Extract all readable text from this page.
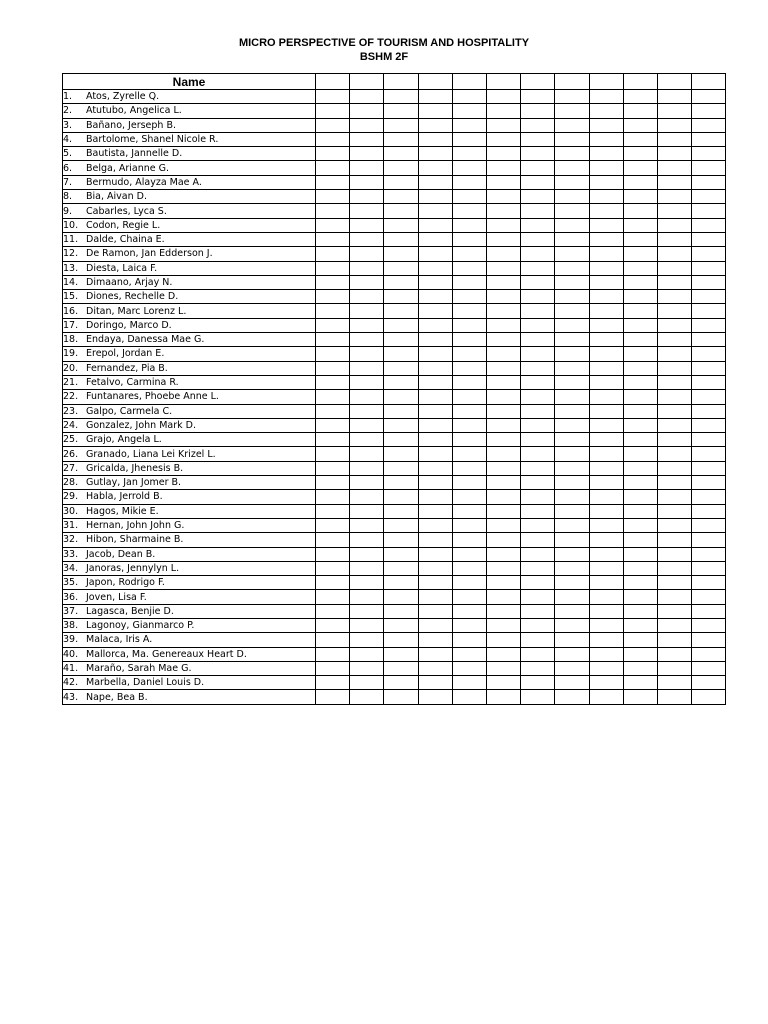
MICRO PERSPECTIVE OF TOURISM AND HOSPITALITY
BSHM 2F
Name												
1. Atos, Zyrelle Q.												
2. Atutubo, Angelica L.												
3. Bañano, Jerseph B.												
4. Bartolome, Shanel Nicole R.												
5. Bautista, Jannelle D.												
6. Belga, Arianne G.												
7. Bermudo, Alayza Mae A.												
8. Bia, Aivan D.												
9. Cabarles, Lyca S.												
10. Codon, Regie L.												
11. Dalde, Chaina E.												
12. De Ramon, Jan Edderson J.												
13. Diesta, Laica F.												
14. Dimaano, Arjay N.												
15. Diones, Rechelle D.												
16. Ditan, Marc Lorenz L.												
17. Doringo, Marco D.												
18. Endaya, Danessa Mae G.												
19. Erepol, Jordan E.												
20. Fernandez, Pia B.												
21. Fetalvo, Carmina R.												
22. Funtanares, Phoebe Anne L.												
23. Galpo, Carmela C.												
24. Gonzalez, John Mark D.												
25. Grajo, Angela L.												
26. Granado, Liana Lei Krizel L.												
27. Gricalda, Jhenesis B.												
28. Gutlay, Jan Jomer B.												
29. Habla, Jerrold B.												
30. Hagos, Mikie E.												
31. Hernan, John John G.												
32. Hibon, Sharmaine B.												
33. Jacob, Dean B.												
34. Janoras, Jennylyn L.												
35. Japon, Rodrigo F.												
36. Joven, Lisa F.												
37. Lagasca, Benjie D.												
38. Lagonoy, Gianmarco P.												
39. Malaca, Iris A.												
40. Mallorca, Ma. Genereaux Heart D.												
41. Maraño, Sarah Mae G.												
42. Marbella, Daniel Louis D.												
43. Nape, Bea B.												
